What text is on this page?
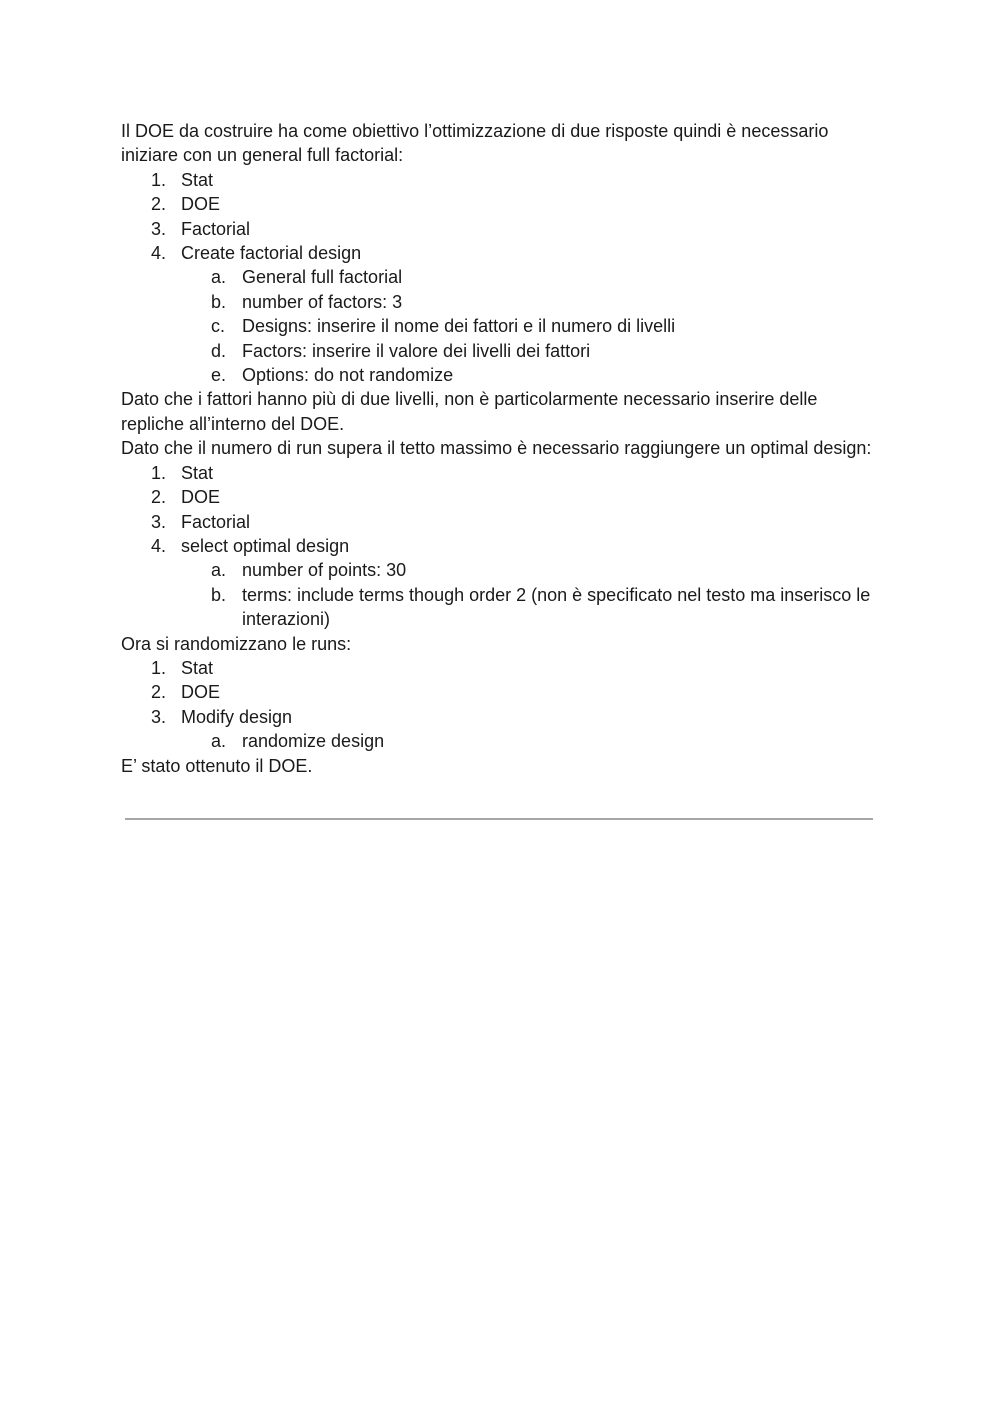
Il DOE da costruire ha come obiettivo l’ottimizzazione di due risposte quindi è necessario iniziare con un general full factorial:

1. Stat
2. DOE
3. Factorial
4. Create factorial design
a. General full factorial
b. number of factors: 3
c. Designs: inserire il nome dei fattori e il numero di livelli
d. Factors: inserire il valore dei livelli dei fattori
e. Options: do not randomize

Dato che i fattori hanno più di due livelli, non è particolarmente necessario inserire delle repliche all’interno del DOE.

Dato che il numero di run supera il tetto massimo è necessario raggiungere un optimal design:

1. Stat
2. DOE
3. Factorial
4. select optimal design
a. number of points: 30
b. terms: include terms though order 2 (non è specificato nel testo ma inserisco le interazioni)

Ora si randomizzano le runs:

1. Stat
2. DOE
3. Modify design
a. randomize design

E’ stato ottenuto il DOE.
